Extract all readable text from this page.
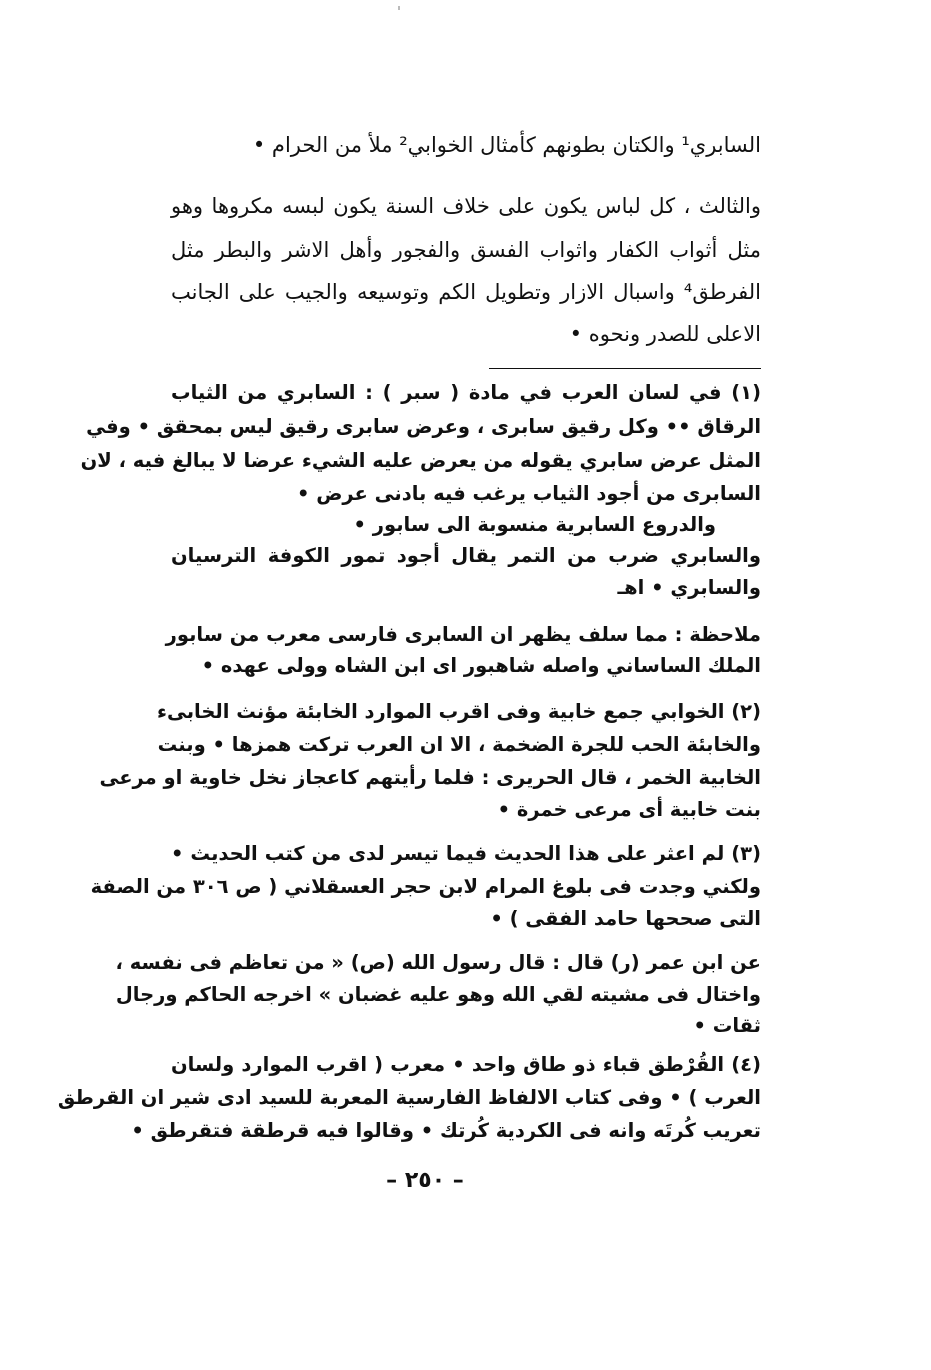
السابري¹ والكتان بطونهم كأمثال الخوابي² ملأ من الحرام •
والثالث ، كل لباس يكون على خلاف السنة يكون لبسه مكروها وهو
مثل أثواب الكفار واثواب الفسق والفجور وأهل الاشر والبطر مثل
الفرطق⁴ واسبال الازار وتطويل الكم وتوسيعه والجيب على الجانب
الاعلى للصدر ونحوه •
(١) في لسان العرب في مادة ( سبر ) : السابري من الثياب
الرقاق •• وكل رقيق سابرى ، وعرض سابرى رقيق ليس بمحقق • وفي
المثل عرض سابري يقوله من يعرض عليه الشيء عرضا لا يبالغ فيه ، لان
السابرى من أجود الثياب يرغب فيه بادنى عرض •
والدروع السابرية منسوبة الى سابور •
والسابري ضرب من التمر يقال أجود تمور الكوفة الترسيان
والسابري • اهـ
ملاحظة : مما سلف يظهر ان السابرى فارسى معرب من سابور
الملك الساساني واصله شاهبور اى ابن الشاه وولى عهده •
(٢) الخوابي جمع خابية وفى اقرب الموارد الخابئة مؤنث الخابىء
والخابئة الحب للجرة الضخمة ، الا ان العرب تركت همزها • وبنت
الخابية الخمر ، قال الحريرى : فلما رأيتهم كاعجاز نخل خاوية او مرعى
بنت خابية أى مرعى خمرة •
(٣) لم اعثر على هذا الحديث فيما تيسر لدى من كتب الحديث •
ولكني وجدت فى بلوغ المرام لابن حجر العسقلاني ( ص ٣٠٦ من الصفة
التى صححها حامد الفقى ) •
عن ابن عمر (ر) قال : قال رسول الله (ص) « من تعاظم فى نفسه ،
واختال فى مشيته لقي الله وهو عليه غضبان » اخرجه الحاكم ورجال
ثقات •
(٤) القُرْطق قباء ذو طاق واحد • معرب ( اقرب الموارد ولسان
العرب ) • وفى كتاب الالفاظ الفارسية المعربة للسيد ادى شير ان القرطق
تعريب كُرتَه وانه فى الكردية كُرتك • وقالوا فيه قرطقة فتقرطق •
– ٢٥٠ –
